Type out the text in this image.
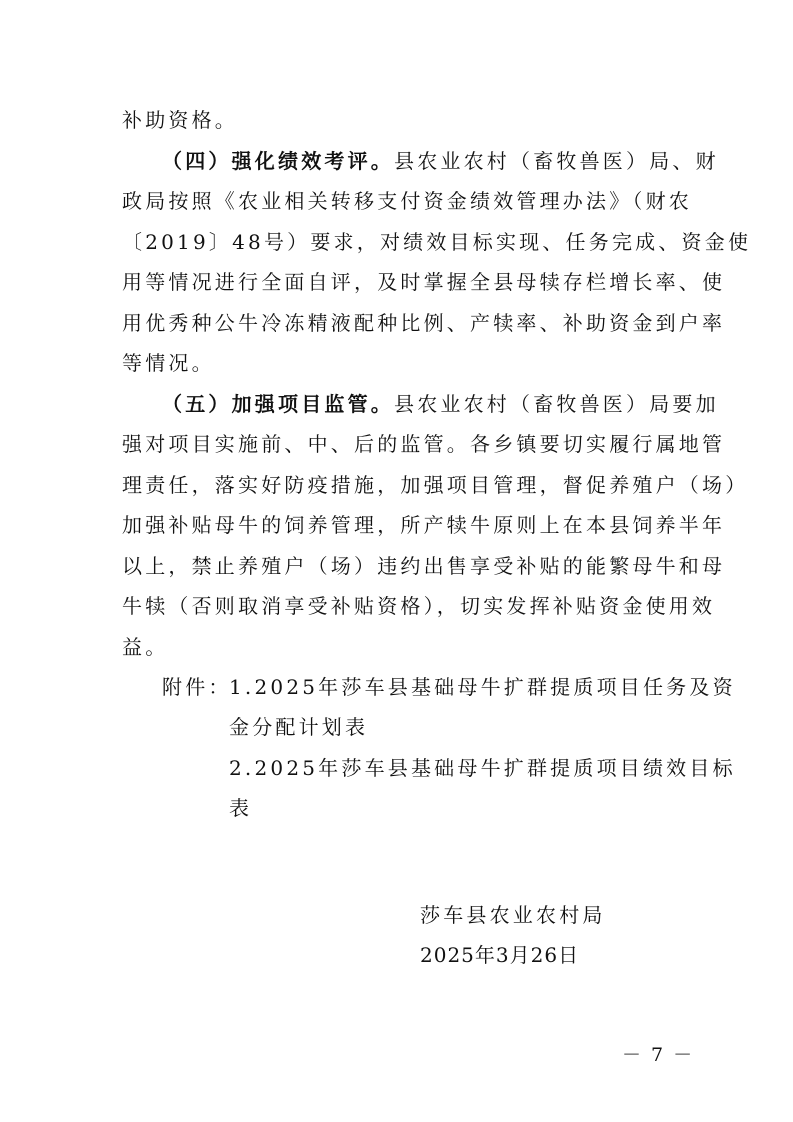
补助资格。
（四）强化绩效考评。县农业农村（畜牧兽医）局、财
政局按照《农业相关转移支付资金绩效管理办法》（财农
〔2019〕48号）要求，对绩效目标实现、任务完成、资金使
用等情况进行全面自评，及时掌握全县母犊存栏增长率、使
用优秀种公牛冷冻精液配种比例、产犊率、补助资金到户率
等情况。
（五）加强项目监管。县农业农村（畜牧兽医）局要加
强对项目实施前、中、后的监管。各乡镇要切实履行属地管
理责任，落实好防疫措施，加强项目管理，督促养殖户（场）
加强补贴母牛的饲养管理，所产犊牛原则上在本县饲养半年
以上，禁止养殖户（场）违约出售享受补贴的能繁母牛和母
牛犊（否则取消享受补贴资格），切实发挥补贴资金使用效
益。
附件：
1.2025年莎车县基础母牛扩群提质项目任务及资
金分配计划表
2.2025年莎车县基础母牛扩群提质项目绩效目标
表
莎车县农业农村局
2025年3月26日
－ 7 －
